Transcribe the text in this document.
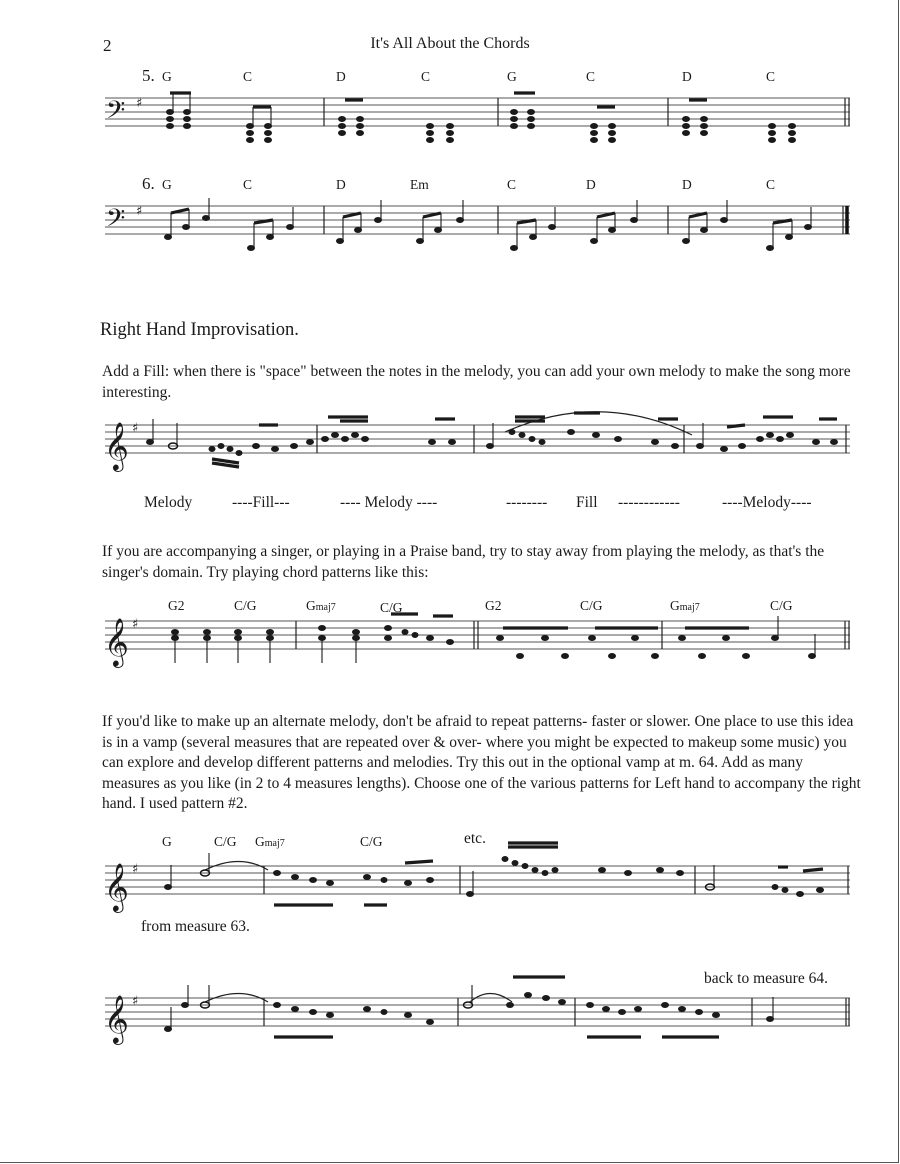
2	It's All About the Chords
5. G	C	D	C	G	C	D	C
𝄢 ♯
6. G	C	D	Em	C	D	D	C
𝄢 ♯
Right Hand Improvisation.
Add a Fill: when there is "space" between the notes in the melody, you can add your own melody to make the song more interesting.
𝄞 ♯
Melody	----Fill---	---- Melody ----	-------- Fill ------------	----Melody----
If you are accompanying a singer, or playing in a Praise band, try to stay away from playing the melody, as that's the singer's domain. Try playing chord patterns like this:
G2	C/G	Gmaj7	C/G	G2	C/G	Gmaj7	C/G
𝄞 ♯
If you'd like to make up an alternate melody, don't be afraid to repeat patterns- faster or slower. One place to use this idea is in a vamp (several measures that are repeated over & over- where you might be expected to makeup some music) you can explore and develop different patterns and melodies. Try this out in the optional vamp at m. 64. Add as many measures as you like (in 2 to 4 measures lengths). Choose one of the various patterns for Left hand to accompany the right hand. I used pattern #2.
G	C/G Gmaj7	C/G	etc.
𝄞 ♯
from measure 63.
back to measure 64.
𝄞 ♯
